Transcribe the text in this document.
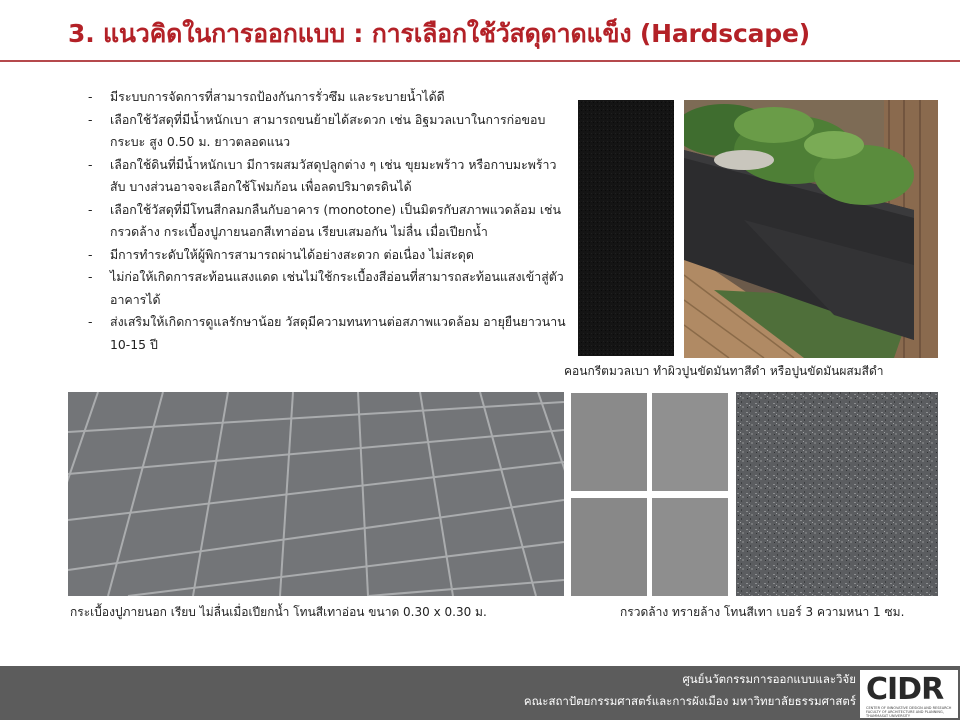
3. แนวคิดในการออกแบบ : การเลือกใช้วัสดุดาดแข็ง (Hardscape)
- มีระบบการจัดการที่สามารถป้องกันการรั่วซึม และระบายน้ำได้ดี
- เลือกใช้วัสดุที่มีน้ำหนักเบา สามารถขนย้ายได้สะดวก เช่น อิฐมวลเบาในการก่อขอบกระบะ สูง 0.50 ม. ยาวตลอดแนว
- เลือกใช้ดินที่มีน้ำหนักเบา มีการผสมวัสดุปลูกต่าง ๆ เช่น ขุยมะพร้าว หรือกาบมะพร้าวสับ บางส่วนอาจจะเลือกใช้โฟมก้อน เพื่อลดปริมาตรดินได้
- เลือกใช้วัสดุที่มีโทนสีกลมกลืนกับอาคาร (monotone) เป็นมิตรกับสภาพแวดล้อม เช่นกรวดล้าง กระเบื้องปูภายนอกสีเทาอ่อน เรียบเสมอกัน ไม่ลื่น เมื่อเปียกน้ำ
- มีการทำระดับให้ผู้พิการสามารถผ่านได้อย่างสะดวก ต่อเนื่อง ไม่สะดุด
- ไม่ก่อให้เกิดการสะท้อนแสงแดด เช่นไม่ใช้กระเบื้องสีอ่อนที่สามารถสะท้อนแสงเข้าสู่ตัวอาคารได้
- ส่งเสริมให้เกิดการดูแลรักษาน้อย วัสดุมีความทนทานต่อสภาพแวดล้อม อายุยืนยาวนาน 10-15 ปี
คอนกรีตมวลเบา ทำผิวปูนขัดมันทาสีดำ หรือปูนขัดมันผสมสีดำ
กระเบื้องปูภายนอก เรียบ ไม่ลื่นเมื่อเปียกน้ำ โทนสีเทาอ่อน ขนาด 0.30 x 0.30 ม.	กรวดล้าง ทรายล้าง โทนสีเทา เบอร์ 3 ความหนา 1 ซม.
ศูนย์นวัตกรรมการออกแบบและวิจัย
คณะสถาปัตยกรรมศาสตร์และการผังเมือง มหาวิทยาลัยธรรมศาสตร์ CIDR
CENTER OF INNOVATIVE DESIGN AND RESEARCH FACULTY OF ARCHITECTURE AND PLANNING, THAMMASAT UNIVERSITY
